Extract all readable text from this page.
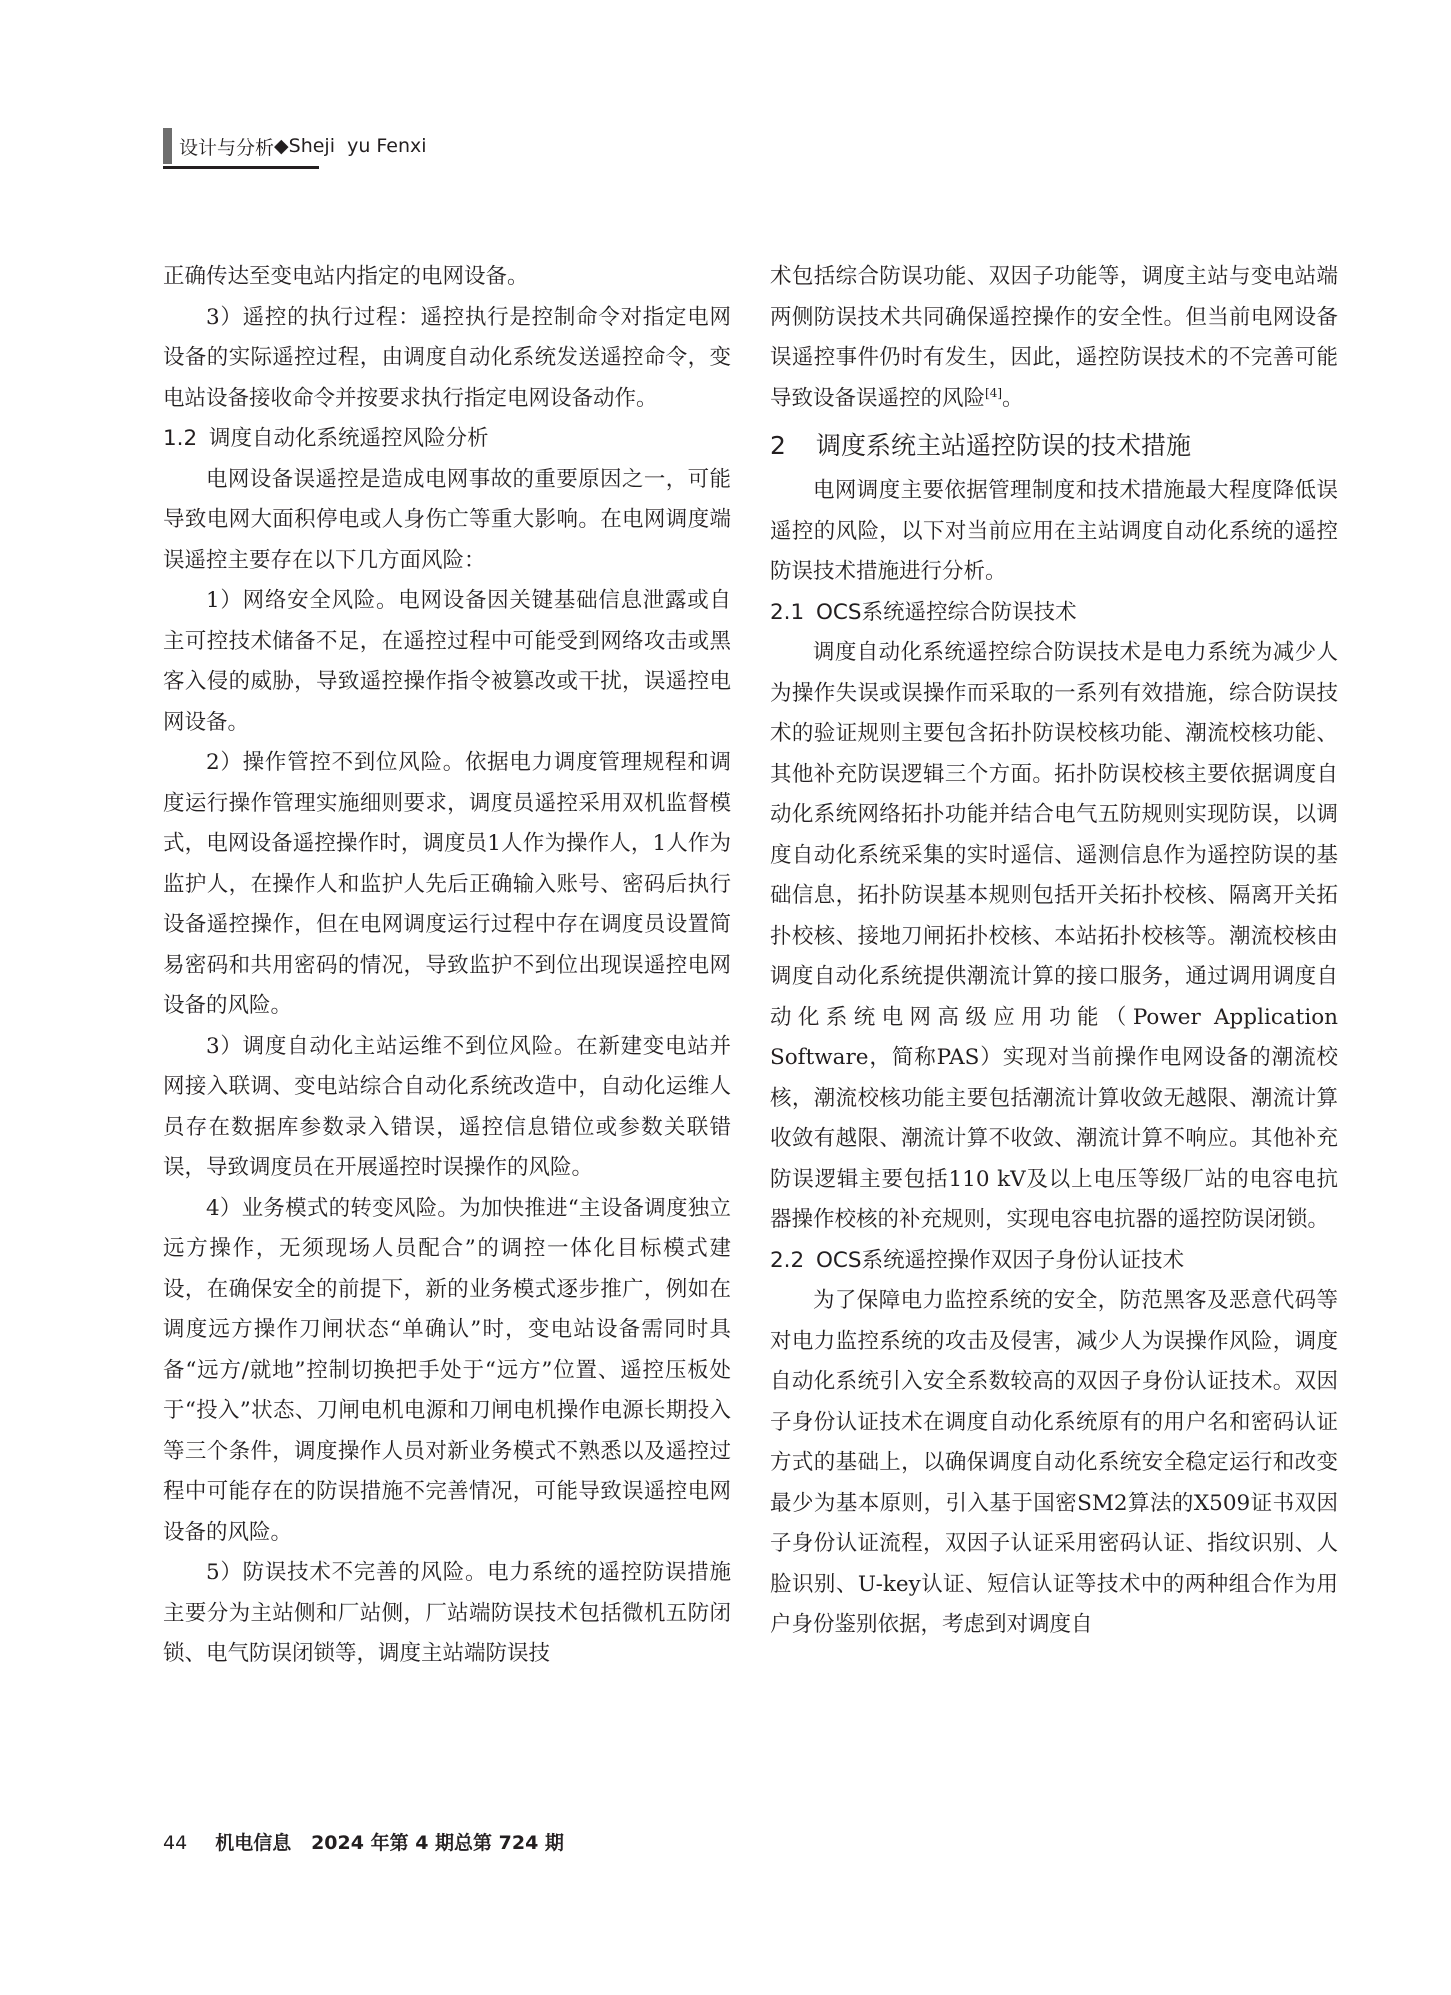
设计与分析 ◆ Sheji  yu Fenxi

正确传达至变电站内指定的电网设备。

3）遥控的执行过程：遥控执行是控制命令对指定电网设备的实际遥控过程，由调度自动化系统发送遥控命令，变电站设备接收命令并按要求执行指定电网设备动作。

1.2 调度自动化系统遥控风险分析

电网设备误遥控是造成电网事故的重要原因之一，可能导致电网大面积停电或人身伤亡等重大影响。在电网调度端误遥控主要存在以下几方面风险：

1）网络安全风险。电网设备因关键基础信息泄露或自主可控技术储备不足，在遥控过程中可能受到网络攻击或黑客入侵的威胁，导致遥控操作指令被篡改或干扰，误遥控电网设备。

2）操作管控不到位风险。依据电力调度管理规程和调度运行操作管理实施细则要求，调度员遥控采用双机监督模式，电网设备遥控操作时，调度员1人作为操作人，1人作为监护人，在操作人和监护人先后正确输入账号、密码后执行设备遥控操作，但在电网调度运行过程中存在调度员设置简易密码和共用密码的情况，导致监护不到位出现误遥控电网设备的风险。

3）调度自动化主站运维不到位风险。在新建变电站并网接入联调、变电站综合自动化系统改造中，自动化运维人员存在数据库参数录入错误，遥控信息错位或参数关联错误，导致调度员在开展遥控时误操作的风险。

4）业务模式的转变风险。为加快推进“主设备调度独立远方操作，无须现场人员配合”的调控一体化目标模式建设，在确保安全的前提下，新的业务模式逐步推广，例如在调度远方操作刀闸状态“单确认”时，变电站设备需同时具备“远方/就地”控制切换把手处于“远方”位置、遥控压板处于“投入”状态、刀闸电机电源和刀闸电机操作电源长期投入等三个条件，调度操作人员对新业务模式不熟悉以及遥控过程中可能存在的防误措施不完善情况，可能导致误遥控电网设备的风险。

5）防误技术不完善的风险。电力系统的遥控防误措施主要分为主站侧和厂站侧，厂站端防误技术包括微机五防闭锁、电气防误闭锁等，调度主站端防误技

术包括综合防误功能、双因子功能等，调度主站与变电站端两侧防误技术共同确保遥控操作的安全性。但当前电网设备误遥控事件仍时有发生，因此，遥控防误技术的不完善可能导致设备误遥控的风险[4]。

2 调度系统主站遥控防误的技术措施

电网调度主要依据管理制度和技术措施最大程度降低误遥控的风险，以下对当前应用在主站调度自动化系统的遥控防误技术措施进行分析。

2.1 OCS系统遥控综合防误技术

调度自动化系统遥控综合防误技术是电力系统为减少人为操作失误或误操作而采取的一系列有效措施，综合防误技术的验证规则主要包含拓扑防误校核功能、潮流校核功能、其他补充防误逻辑三个方面。拓扑防误校核主要依据调度自动化系统网络拓扑功能并结合电气五防规则实现防误，以调度自动化系统采集的实时遥信、遥测信息作为遥控防误的基础信息，拓扑防误基本规则包括开关拓扑校核、隔离开关拓扑校核、接地刀闸拓扑校核、本站拓扑校核等。潮流校核由调度自动化系统提供潮流计算的接口服务，通过调用调度自动化系统电网高级应用功能（Power Application Software，简称PAS）实现对当前操作电网设备的潮流校核，潮流校核功能主要包括潮流计算收敛无越限、潮流计算收敛有越限、潮流计算不收敛、潮流计算不响应。其他补充防误逻辑主要包括110 kV及以上电压等级厂站的电容电抗器操作校核的补充规则，实现电容电抗器的遥控防误闭锁。

2.2 OCS系统遥控操作双因子身份认证技术

为了保障电力监控系统的安全，防范黑客及恶意代码等对电力监控系统的攻击及侵害，减少人为误操作风险，调度自动化系统引入安全系数较高的双因子身份认证技术。双因子身份认证技术在调度自动化系统原有的用户名和密码认证方式的基础上，以确保调度自动化系统安全稳定运行和改变最少为基本原则，引入基于国密SM2算法的X509证书双因子身份认证流程，双因子认证采用密码认证、指纹识别、人脸识别、U-key认证、短信认证等技术中的两种组合作为用户身份鉴别依据，考虑到对调度自

44 机电信息   2024 年第 4 期总第 724 期
